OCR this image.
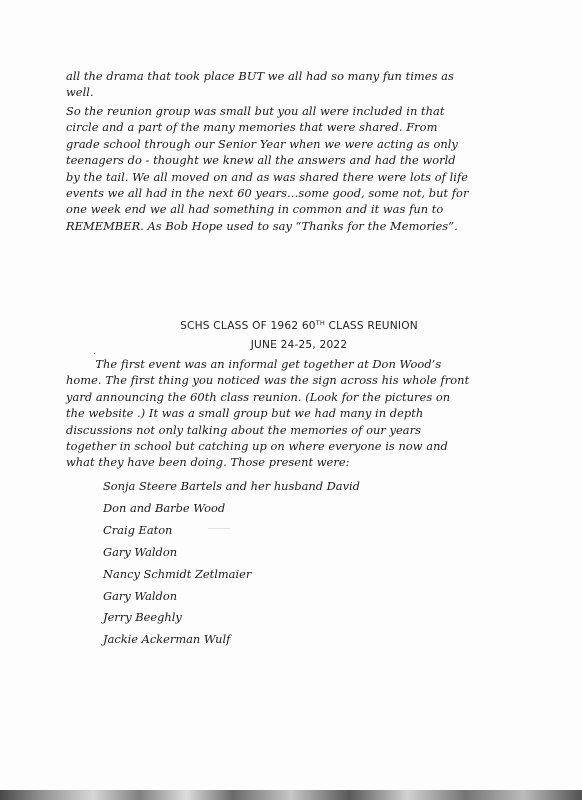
all the drama that took place BUT we all had so many fun times as
well.

So the reunion group was small but you all were included in that
circle and a part of the many memories that were shared. From
grade school through our Senior Year when we were acting as only
teenagers do - thought we knew all the answers and had the world
by the tail. We all moved on and as was shared there were lots of life
events we all had in the next 60 years…some good, some not, but for
one week end we all had something in common and it was fun to
REMEMBER. As Bob Hope used to say “Thanks for the Memories”.

SCHS CLASS OF 1962 60TH CLASS REUNION
JUNE 24-25, 2022

The first event was an informal get together at Don Wood’s
home. The first thing you noticed was the sign across his whole front
yard announcing the 60th class reunion. (Look for the pictures on
the website .) It was a small group but we had many in depth
discussions not only talking about the memories of our years
together in school but catching up on where everyone is now and
what they have been doing. Those present were:

Sonja Steere Bartels and her husband David
Don and Barbe Wood
Craig Eaton
Gary Waldon
Nancy Schmidt Zetlmaier
Gary Waldon
Jerry Beeghly
Jackie Ackerman Wulf
